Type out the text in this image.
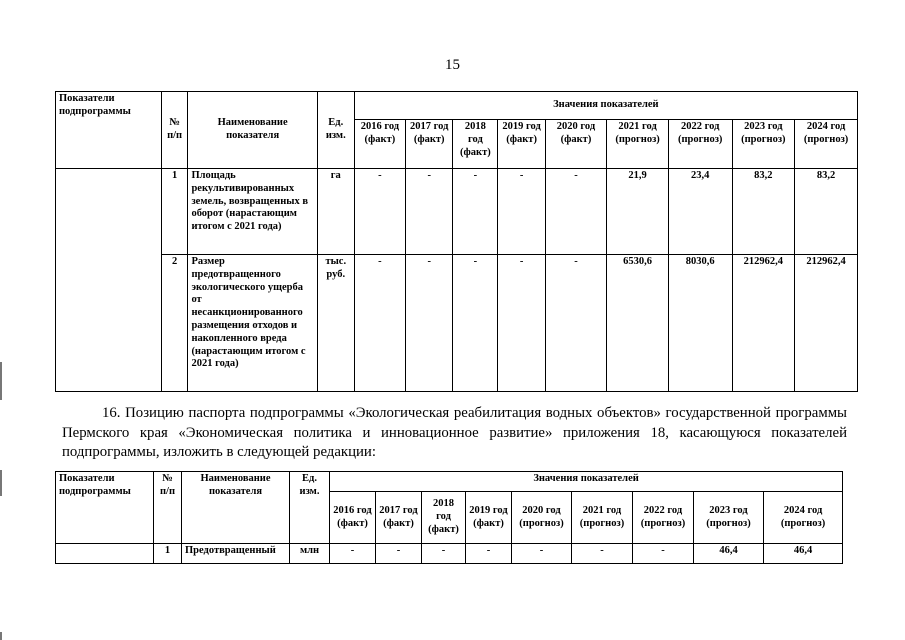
15
Показатели подпрограммы	№ п/п	Наименование показателя	Ед. изм.	Значения показателей								
				2016 год (факт)	2017 год (факт)	2018 год (факт)	2019 год (факт)	2020 год (факт)	2021 год (прогноз)	2022 год (прогноз)	2023 год (прогноз)	2024 год (прогноз)
	1	Площадь рекультивированных земель, возвращенных в оборот (нарастающим итогом с 2021 года)	га	-	-	-	-	-	21,9	23,4	83,2	83,2
	2	Размер предотвращенного экологического ущерба от несанкционированного размещения отходов и накопленного вреда (нарастающим итогом с 2021 года)	тыс. руб.	-	-	-	-	-	6530,6	8030,6	212962,4	212962,4

16. Позицию паспорта подпрограммы «Экологическая реабилитация водных объектов» государственной программы Пермского края «Экономическая политика и инновационное развитие» приложения 18, касающуюся показателей подпрограммы, изложить в следующей редакции:

Показатели подпрограммы	№ п/п	Наименование показателя	Ед. изм.	Значения показателей								
				2016 год (факт)	2017 год (факт)	2018 год (факт)	2019 год (факт)	2020 год (прогноз)	2021 год (прогноз)	2022 год (прогноз)	2023 год (прогноз)	2024 год (прогноз)
	1	Предотвращенный	млн	-	-	-	-	-	-	-	46,4	46,4
